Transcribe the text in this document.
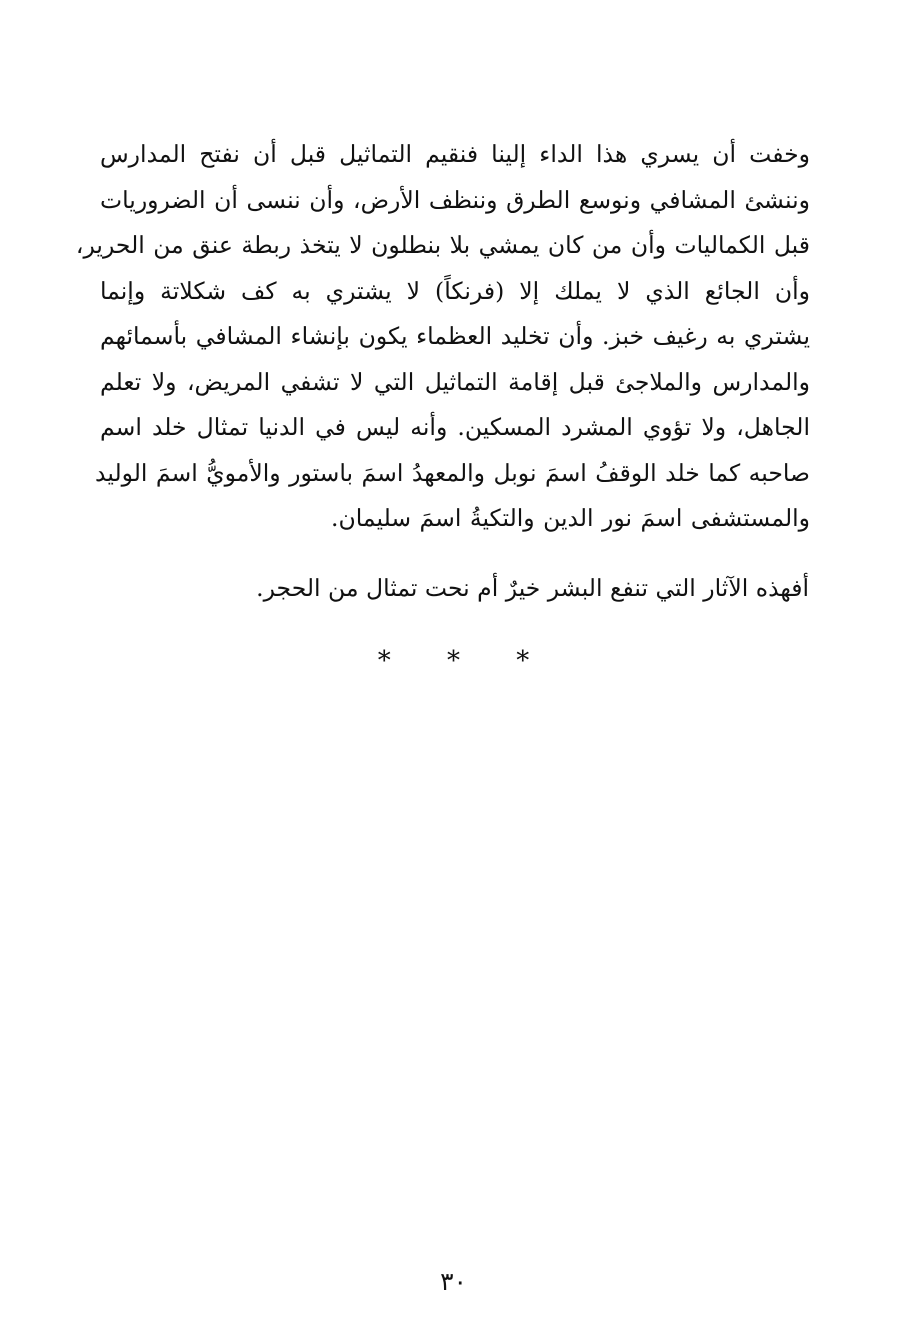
وخفت أن يسري هذا الداء إلينا فنقيم التماثيل قبل أن نفتح المدارس
وننشئ المشافي ونوسع الطرق وننظف الأرض، وأن ننسى أن الضروريات
قبل الكماليات وأن من كان يمشي بلا بنطلون لا يتخذ ربطة عنق من الحرير،
وأن الجائع الذي لا يملك إلا (فرنكاً) لا يشتري به كف شكلاتة وإنما
يشتري به رغيف خبز. وأن تخليد العظماء يكون بإنشاء المشافي بأسمائهم
والمدارس والملاجئ قبل إقامة التماثيل التي لا تشفي المريض، ولا تعلم
الجاهل، ولا تؤوي المشرد المسكين. وأنه ليس في الدنيا تمثال خلد اسم
صاحبه كما خلد الوقفُ اسمَ نوبل والمعهدُ اسمَ باستور والأمويُّ اسمَ الوليد
والمستشفى اسمَ نور الدين والتكيةُ اسمَ سليمان.
أفهذه الآثار التي تنفع البشر خيرٌ أم نحت تمثال من الحجر.
* * *
٣٠
